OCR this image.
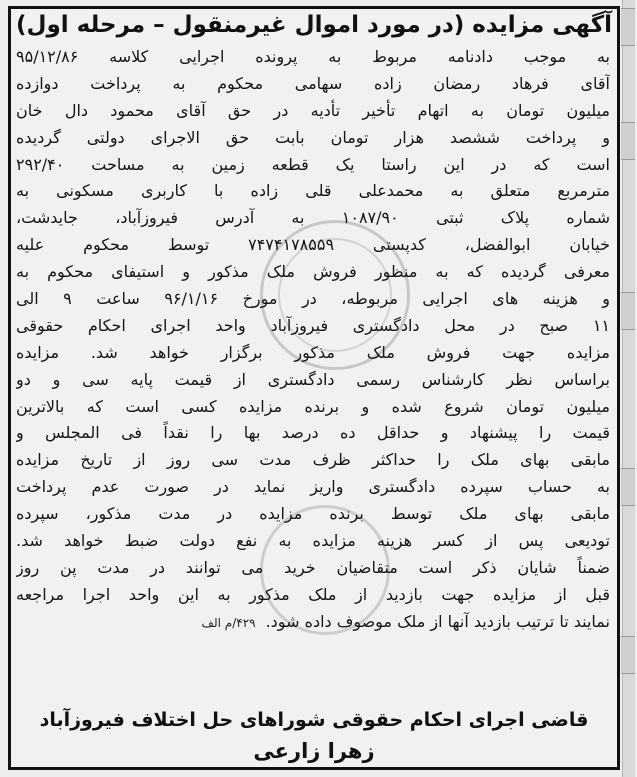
آگهی مزایده (در مورد اموال غیرمنقول – مرحله اول)
به موجب دادنامه مربوط به پرونده اجرایی کلاسه ۹۵/۱۲/۸۶
آقای فرهاد رمضان زاده سهامی محکوم به پرداخت دوازده
میلیون تومان به اتهام تأخیر تأدیه در حق آقای محمود دال خان
و پرداخت ششصد هزار تومان بابت حق الاجرای دولتی گردیده
است که در این راستا یک قطعه زمین به مساحت ۲۹۲/۴۰
مترمربع متعلق به محمدعلی قلی زاده با کاربری مسکونی به
شماره پلاک ثبتی ۱۰۸۷/۹۰ به آدرس فیروزآباد، جایدشت،
خیابان ابوالفضل، کدپستی ۷۴۷۴۱۷۸۵۵۹ توسط محکوم علیه
معرفی گردیده که به منظور فروش ملک مذکور و استیفای محکوم به
و هزینه های اجرایی مربوطه، در مورخ ۹۶/۱/۱۶ ساعت ۹ الی
۱۱ صبح در محل دادگستری فیروزآباد واحد اجرای احکام حقوقی
مزایده جهت فروش ملک مذکور برگزار خواهد شد. مزایده
براساس نظر کارشناس رسمی دادگستری از قیمت پایه سی و دو
میلیون تومان شروع شده و برنده مزایده کسی است که بالاترین
قیمت را پیشنهاد و حداقل ده درصد بها را نقداً فی المجلس و
مابقی بهای ملک را حداکثر ظرف مدت سی روز از تاریخ مزایده
به حساب سپرده دادگستری واریز نماید در صورت عدم پرداخت
مابقی بهای ملک توسط برنده مزایده در مدت مذکور، سپرده
تودیعی پس از کسر هزینه مزایده به نفع دولت ضبط خواهد شد.
ضمناً شایان ذکر است متقاضیان خرید می توانند در مدت پن روز
قبل از مزایده جهت بازدید از ملک مذکور به این واحد اجرا مراجعه
نمایند تا ترتیب بازدید آنها از ملک موصوف داده شود.۴۲۹/م الف
قاضی اجرای احکام حقوقی شوراهای حل اختلاف فیروزآباد
زهرا زارعی
